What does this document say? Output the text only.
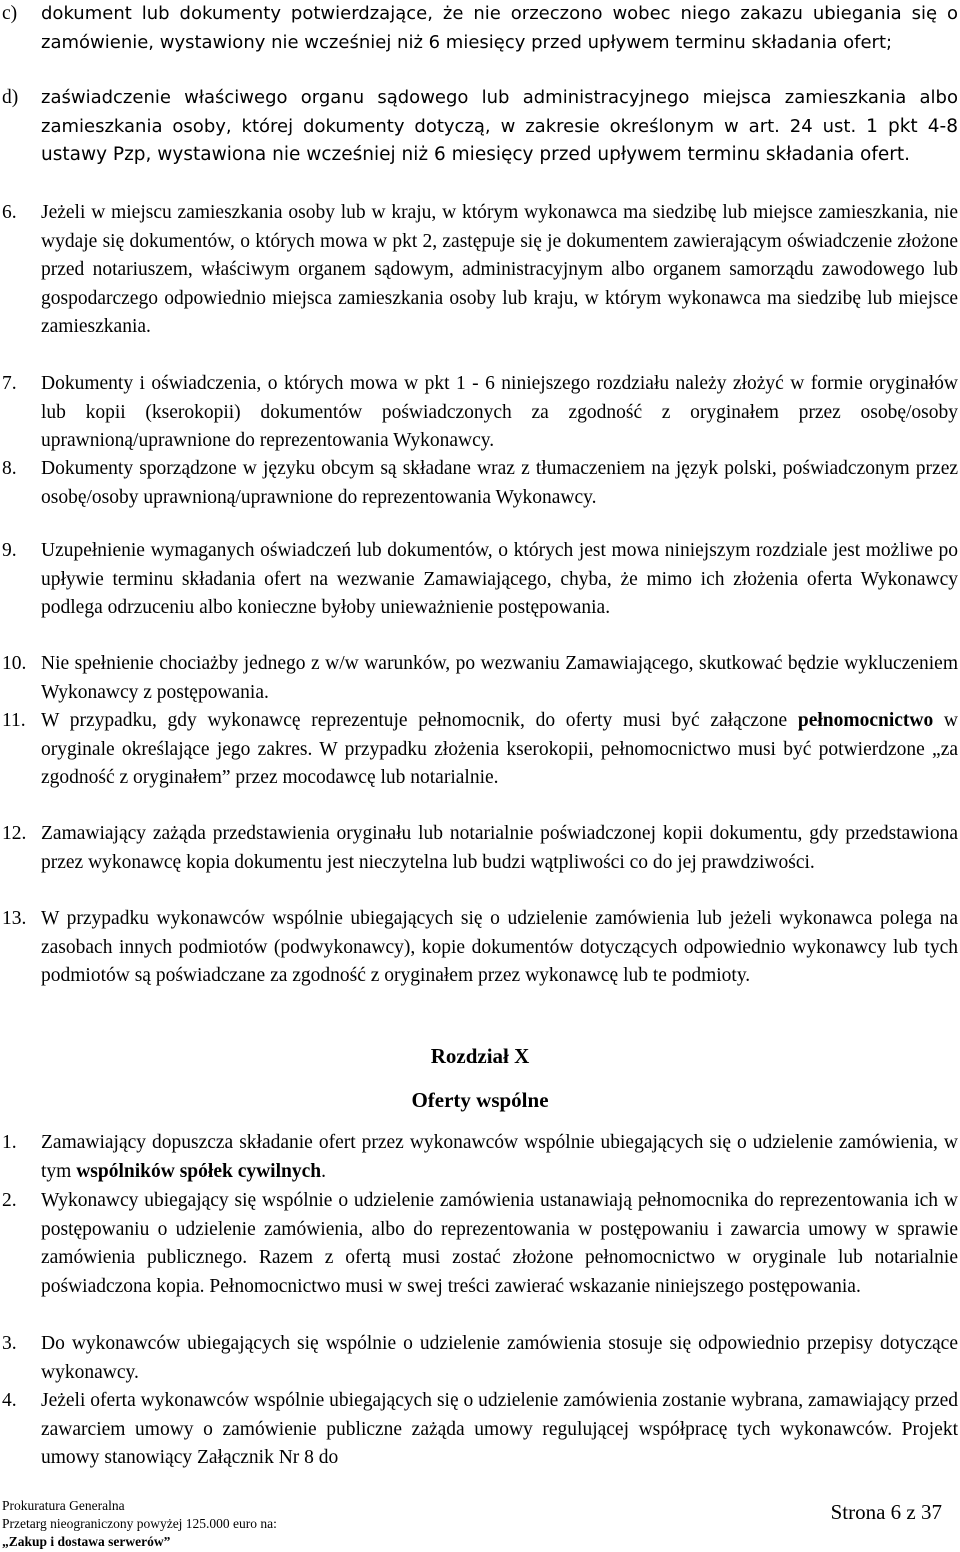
c) dokument lub dokumenty potwierdzające, że nie orzeczono wobec niego zakazu ubiegania się o zamówienie, wystawiony nie wcześniej niż 6 miesięcy przed upływem terminu składania ofert;
d) zaświadczenie właściwego organu sądowego lub administracyjnego miejsca zamieszkania albo zamieszkania osoby, której dokumenty dotyczą, w zakresie określonym w art. 24 ust. 1 pkt 4-8 ustawy Pzp, wystawiona nie wcześniej niż 6 miesięcy przed upływem terminu składania ofert.
6. Jeżeli w miejscu zamieszkania osoby lub w kraju, w którym wykonawca ma siedzibę lub miejsce zamieszkania, nie wydaje się dokumentów, o których mowa w pkt 2, zastępuje się je dokumentem zawierającym oświadczenie złożone przed notariuszem, właściwym organem sądowym, administracyjnym albo organem samorządu zawodowego lub gospodarczego odpowiednio miejsca zamieszkania osoby lub kraju, w którym wykonawca ma siedzibę lub miejsce zamieszkania.
7. Dokumenty i oświadczenia, o których mowa w pkt 1 - 6 niniejszego rozdziału należy złożyć w formie oryginałów lub kopii (kserokopii) dokumentów poświadczonych za zgodność z oryginałem przez osobę/osoby uprawnioną/uprawnione do reprezentowania Wykonawcy.
8. Dokumenty sporządzone w języku obcym są składane wraz z tłumaczeniem na język polski, poświadczonym przez osobę/osoby uprawnioną/uprawnione do reprezentowania Wykonawcy.
9. Uzupełnienie wymaganych oświadczeń lub dokumentów, o których jest mowa niniejszym rozdziale jest możliwe po upływie terminu składania ofert na wezwanie Zamawiającego, chyba, że mimo ich złożenia oferta Wykonawcy podlega odrzuceniu albo konieczne byłoby unieważnienie postępowania.
10. Nie spełnienie chociażby jednego z w/w warunków, po wezwaniu Zamawiającego, skutkować będzie wykluczeniem Wykonawcy z postępowania.
11. W przypadku, gdy wykonawcę reprezentuje pełnomocnik, do oferty musi być załączone pełnomocnictwo w oryginale określające jego zakres. W przypadku złożenia kserokopii, pełnomocnictwo musi być potwierdzone „za zgodność z oryginałem” przez mocodawcę lub notarialnie.
12. Zamawiający zażąda przedstawienia oryginału lub notarialnie poświadczonej kopii dokumentu, gdy przedstawiona przez wykonawcę kopia dokumentu jest nieczytelna lub budzi wątpliwości co do jej prawdziwości.
13. W przypadku wykonawców wspólnie ubiegających się o udzielenie zamówienia lub jeżeli wykonawca polega na zasobach innych podmiotów (podwykonawcy), kopie dokumentów dotyczących odpowiednio wykonawcy lub tych podmiotów są poświadczane za zgodność z oryginałem przez wykonawcę lub te podmioty.
Rozdział X
Oferty wspólne
1. Zamawiający dopuszcza składanie ofert przez wykonawców wspólnie ubiegających się o udzielenie zamówienia, w tym wspólników spółek cywilnych.
2. Wykonawcy ubiegający się wspólnie o udzielenie zamówienia ustanawiają pełnomocnika do reprezentowania ich w postępowaniu o udzielenie zamówienia, albo do reprezentowania w postępowaniu i zawarcia umowy w sprawie zamówienia publicznego. Razem z ofertą musi zostać złożone pełnomocnictwo w oryginale lub notarialnie poświadczona kopia. Pełnomocnictwo musi w swej treści zawierać wskazanie niniejszego postępowania.
3. Do wykonawców ubiegających się wspólnie o udzielenie zamówienia stosuje się odpowiednio przepisy dotyczące wykonawcy.
4. Jeżeli oferta wykonawców wspólnie ubiegających się o udzielenie zamówienia zostanie wybrana, zamawiający przed zawarciem umowy o zamówienie publiczne zażąda umowy regulującej współpracę tych wykonawców. Projekt umowy stanowiący Załącznik Nr 8 do
Prokuratura Generalna
Przetarg nieograniczony powyżej 125.000 euro na:
„Zakup i dostawa serwerów”
Strona 6 z 37
